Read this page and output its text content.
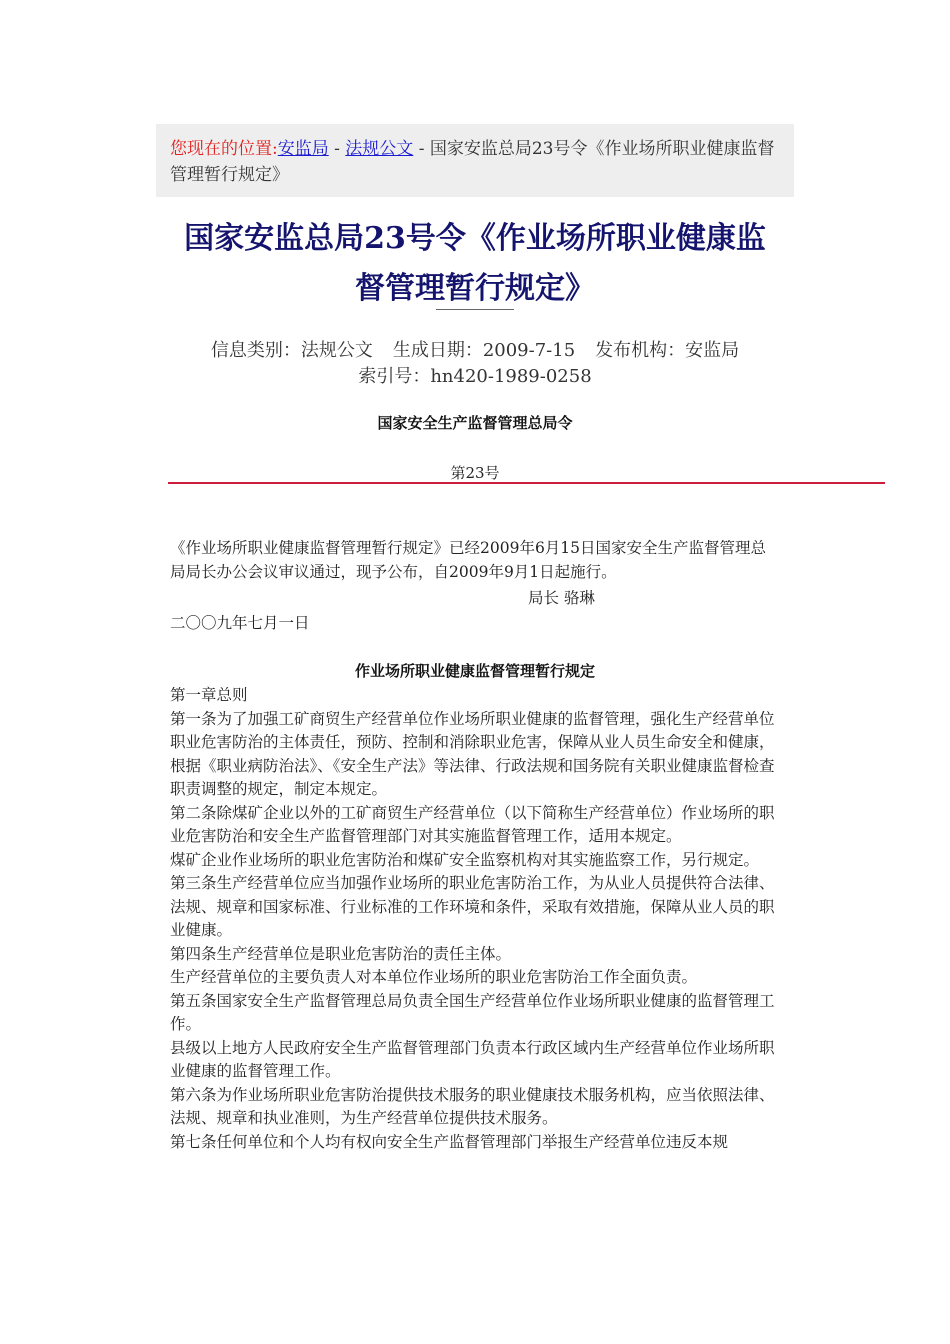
您现在的位置:安监局 - 法规公文 - 国家安监总局23号令《作业场所职业健康监督管理暂行规定》
国家安监总局23号令《作业场所职业健康监
督管理暂行规定》
信息类别：法规公文 生成日期：2009-7-15 发布机构：安监局
索引号：hn420-1989-0258
国家安全生产监督管理总局令
第23号
《作业场所职业健康监督管理暂行规定》已经2009年6月15日国家安全生产监督管理总局局长办公会议审议通过，现予公布，自2009年9月1日起施行。
局长 骆琳
二〇〇九年七月一日
作业场所职业健康监督管理暂行规定

第一章总则

第一条为了加强工矿商贸生产经营单位作业场所职业健康的监督管理，强化生产经营单位职业危害防治的主体责任，预防、控制和消除职业危害，保障从业人员生命安全和健康，根据《职业病防治法》、《安全生产法》等法律、行政法规和国务院有关职业健康监督检查职责调整的规定，制定本规定。

第二条除煤矿企业以外的工矿商贸生产经营单位（以下简称生产经营单位）作业场所的职业危害防治和安全生产监督管理部门对其实施监督管理工作，适用本规定。

煤矿企业作业场所的职业危害防治和煤矿安全监察机构对其实施监察工作，另行规定。

第三条生产经营单位应当加强作业场所的职业危害防治工作，为从业人员提供符合法律、法规、规章和国家标准、行业标准的工作环境和条件，采取有效措施，保障从业人员的职业健康。

第四条生产经营单位是职业危害防治的责任主体。

生产经营单位的主要负责人对本单位作业场所的职业危害防治工作全面负责。

第五条国家安全生产监督管理总局负责全国生产经营单位作业场所职业健康的监督管理工作。

县级以上地方人民政府安全生产监督管理部门负责本行政区域内生产经营单位作业场所职业健康的监督管理工作。

第六条为作业场所职业危害防治提供技术服务的职业健康技术服务机构，应当依照法律、法规、规章和执业准则，为生产经营单位提供技术服务。

第七条任何单位和个人均有权向安全生产监督管理部门举报生产经营单位违反本规
